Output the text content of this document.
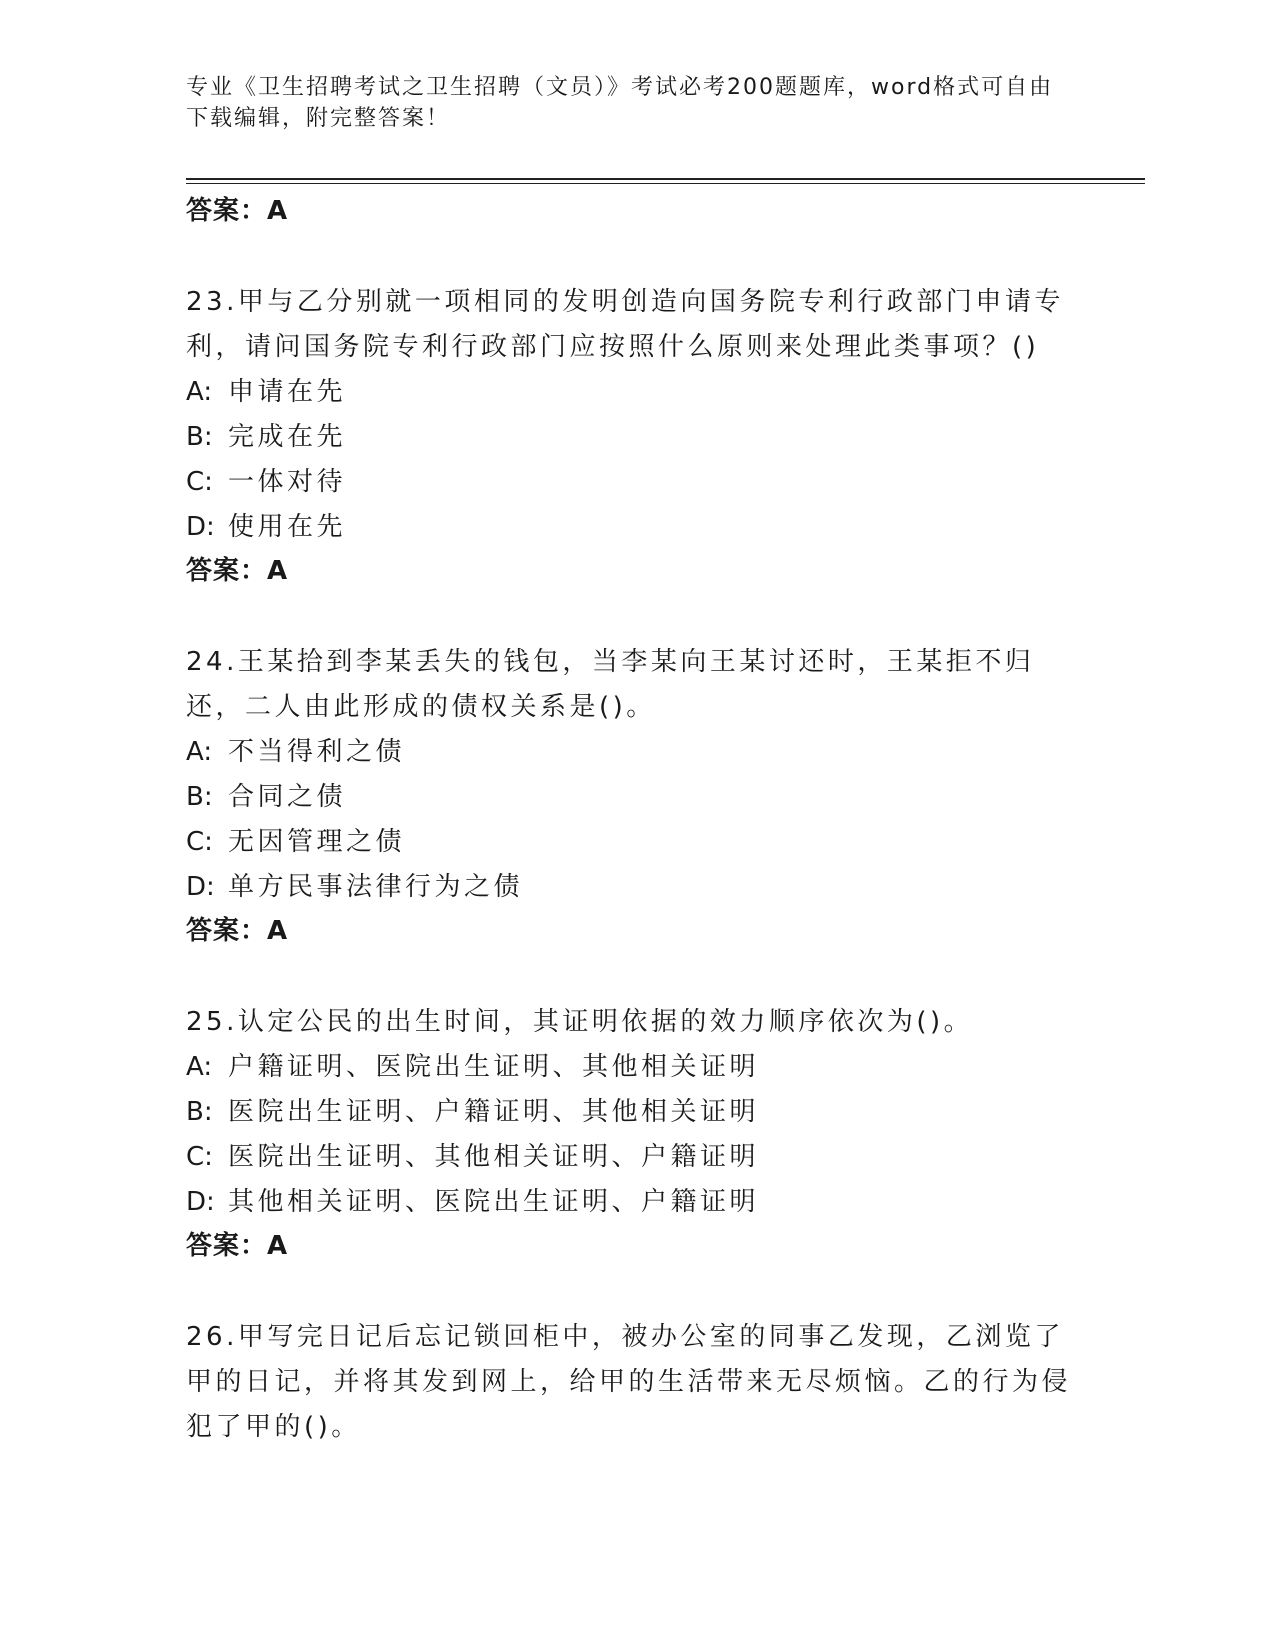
专业《卫生招聘考试之卫生招聘（文员）》考试必考200题题库，word格式可自由下载编辑，附完整答案！
答案：A
23.甲与乙分别就一项相同的发明创造向国务院专利行政部门申请专利，请问国务院专利行政部门应按照什么原则来处理此类事项？()
A: 申请在先
B: 完成在先
C: 一体对待
D: 使用在先
答案：A
24.王某拾到李某丢失的钱包，当李某向王某讨还时，王某拒不归还，二人由此形成的债权关系是()。
A: 不当得利之债
B: 合同之债
C: 无因管理之债
D: 单方民事法律行为之债
答案：A
25.认定公民的出生时间，其证明依据的效力顺序依次为()。
A: 户籍证明、医院出生证明、其他相关证明
B: 医院出生证明、户籍证明、其他相关证明
C: 医院出生证明、其他相关证明、户籍证明
D: 其他相关证明、医院出生证明、户籍证明
答案：A
26.甲写完日记后忘记锁回柜中，被办公室的同事乙发现，乙浏览了甲的日记，并将其发到网上，给甲的生活带来无尽烦恼。乙的行为侵犯了甲的()。
